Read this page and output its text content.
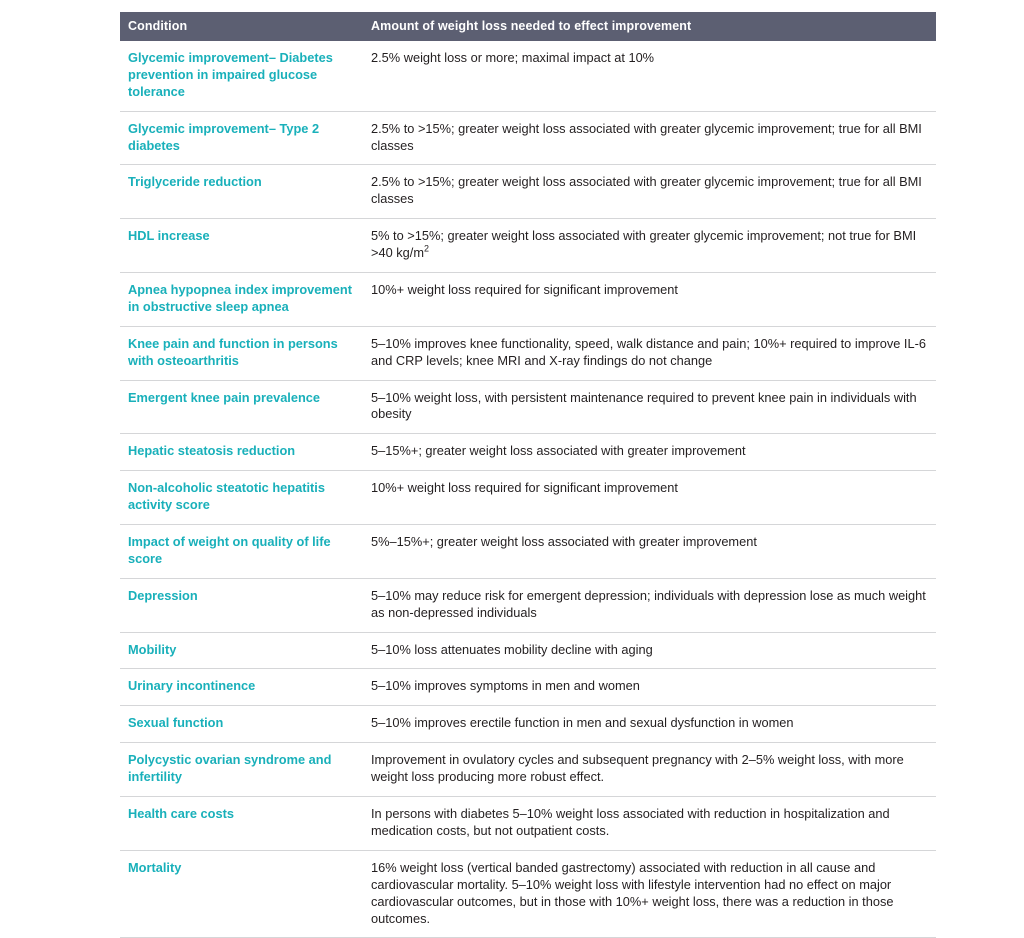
Condition	Amount of weight loss needed to effect improvement
Glycemic improvement– Diabetes prevention in impaired glucose tolerance	2.5% weight loss or more; maximal impact at 10%
Glycemic improvement– Type 2 diabetes	2.5% to >15%; greater weight loss associated with greater glycemic improvement; true for all BMI classes
Triglyceride reduction	2.5% to >15%; greater weight loss associated with greater glycemic improvement; true for all BMI classes
HDL increase	5% to >15%; greater weight loss associated with greater glycemic improvement; not true for BMI >40 $kg/m^2$
Apnea hypopnea index improvement in obstructive sleep apnea	10%+ weight loss required for significant improvement
Knee pain and function in persons with osteoarthritis	5–10% improves knee functionality, speed, walk distance and pain; 10%+ required to improve IL-6 and CRP levels; knee MRI and X-ray findings do not change
Emergent knee pain prevalence	5–10% weight loss, with persistent maintenance required to prevent knee pain in individuals with obesity
Hepatic steatosis reduction	5–15%+; greater weight loss associated with greater improvement
Non-alcoholic steatotic hepatitis activity score	10%+ weight loss required for significant improvement
Impact of weight on quality of life score	5%–15%+; greater weight loss associated with greater improvement
Depression	5–10% may reduce risk for emergent depression; individuals with depression lose as much weight as non-depressed individuals
Mobility	5–10% loss attenuates mobility decline with aging
Urinary incontinence	5–10% improves symptoms in men and women
Sexual function	5–10% improves erectile function in men and sexual dysfunction in women
Polycystic ovarian syndrome and infertility	Improvement in ovulatory cycles and subsequent pregnancy with 2–5% weight loss, with more weight loss producing more robust effect.
Health care costs	In persons with diabetes 5–10% weight loss associated with reduction in hospitalization and medication costs, but not outpatient costs.
Mortality	16% weight loss (vertical banded gastrectomy) associated with reduction in all cause and cardiovascular mortality. 5–10% weight loss with lifestyle intervention had no effect on major cardiovascular outcomes, but in those with 10%+ weight loss, there was a reduction in those outcomes.
